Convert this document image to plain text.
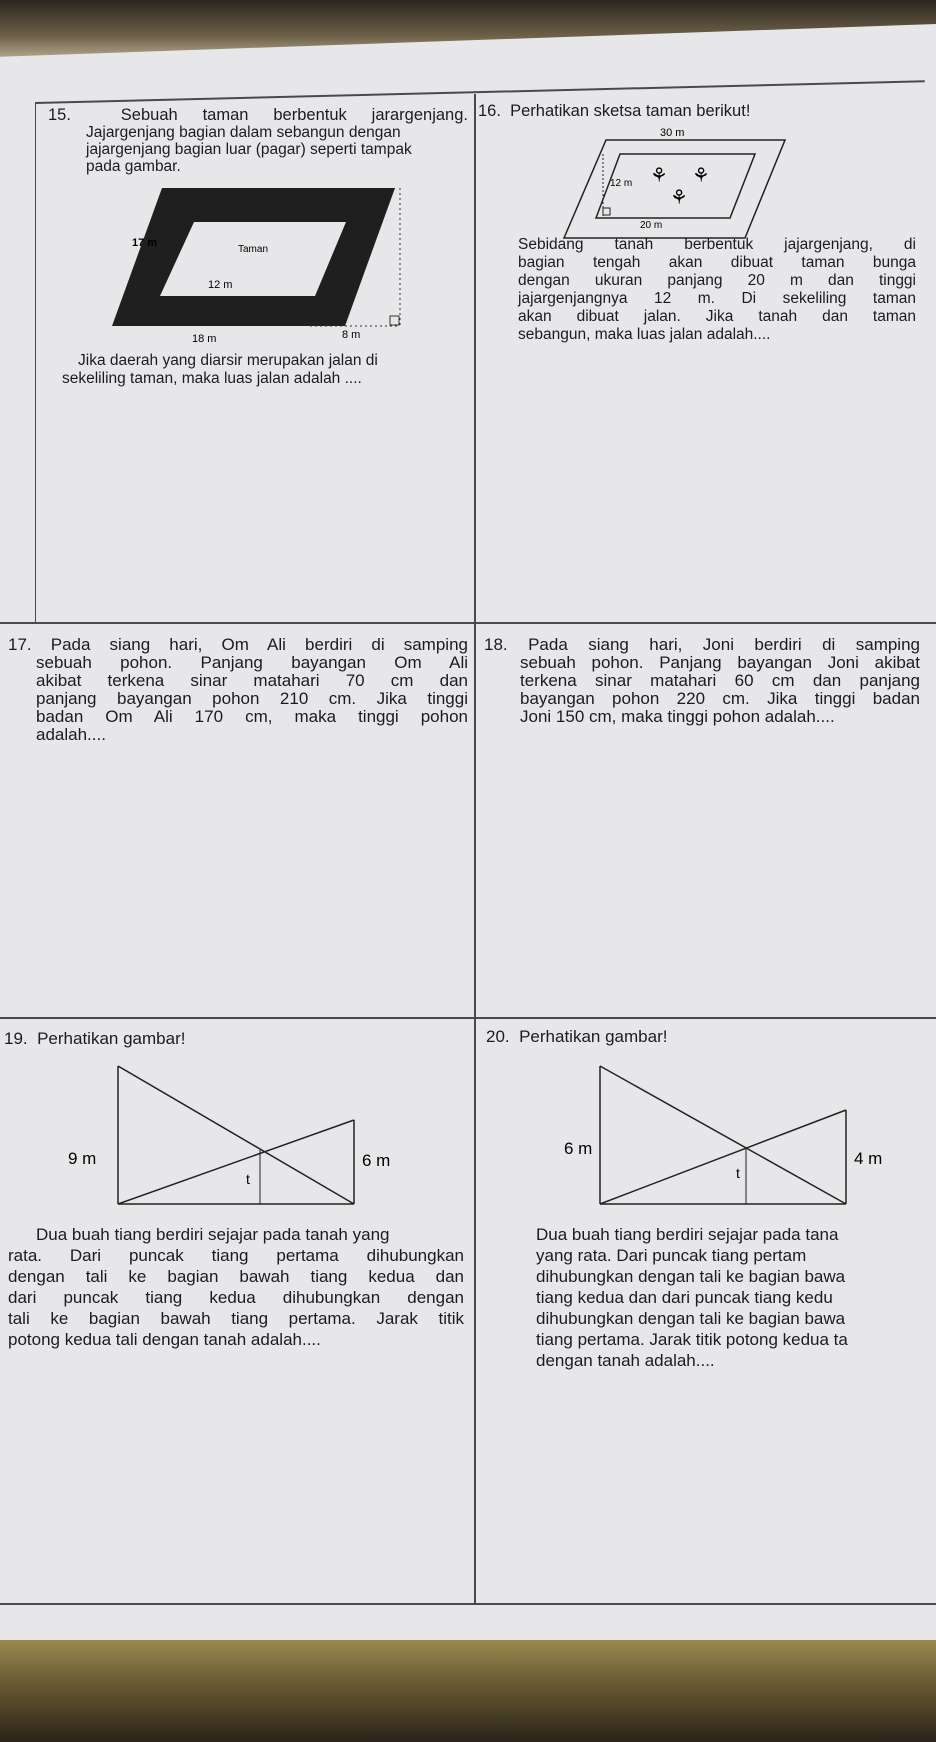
15.	Sebuah taman berbentuk jarargenjang.

Jajargenjang bagian dalam sebangun dengan

jajargenjang bagian luar (pagar) seperti tampak

pada gambar.

17 m
Taman
12 m
18 m	8 m

Jika daerah yang diarsir merupakan jalan di

sekeliling taman, maka luas jalan adalah ....

16. Perhatikan sketsa taman berikut!

30 m
12 m
20 m
⚘ ⚘
⚘

Sebidang tanah berbentuk jajargenjang, di

bagian tengah akan dibuat taman bunga

dengan ukuran panjang 20 m dan tinggi

jajargenjangnya 12 m. Di sekeliling taman

akan dibuat jalan. Jika tanah dan taman

sebangun, maka luas jalan adalah....

17. Pada siang hari, Om Ali berdiri di samping

sebuah pohon. Panjang bayangan Om Ali

akibat terkena sinar matahari 70 cm dan

panjang bayangan pohon 210 cm. Jika tinggi

badan Om Ali 170 cm, maka tinggi pohon

adalah....

18. Pada siang hari, Joni berdiri di samping

sebuah pohon. Panjang bayangan Joni akibat

terkena sinar matahari 60 cm dan panjang

bayangan pohon 220 cm. Jika tinggi badan

Joni 150 cm, maka tinggi pohon adalah....

19. Perhatikan gambar!

9 m	6 m
t

Dua buah tiang berdiri sejajar pada tanah yang

rata. Dari puncak tiang pertama dihubungkan

dengan tali ke bagian bawah tiang kedua dan

dari puncak tiang kedua dihubungkan dengan

tali ke bagian bawah tiang pertama. Jarak titik

potong kedua tali dengan tanah adalah....

20. Perhatikan gambar!

6 m
4 m
t

Dua buah tiang berdiri sejajar pada tana

yang rata. Dari puncak tiang pertam

dihubungkan dengan tali ke bagian bawa

tiang kedua dan dari puncak tiang kedu

dihubungkan dengan tali ke bagian bawa

tiang pertama. Jarak titik potong kedua ta

dengan tanah adalah....
